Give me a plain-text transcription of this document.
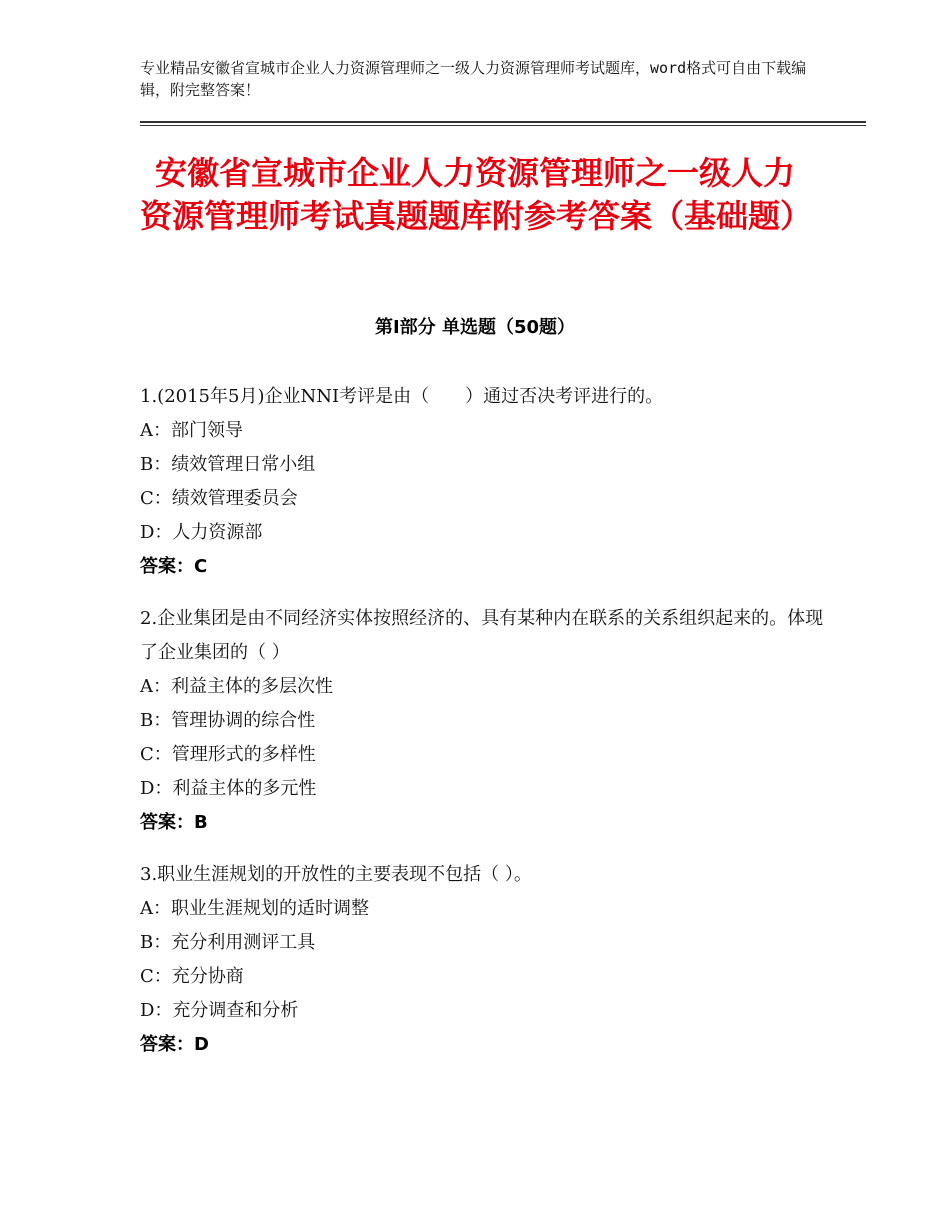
专业精品安徽省宣城市企业人力资源管理师之一级人力资源管理师考试题库，word格式可自由下载编辑，附完整答案！
安徽省宣城市企业人力资源管理师之一级人力资源管理师考试真题题库附参考答案（基础题）
第Ⅰ部分 单选题（50题）
1.(2015年5月)企业NNI考评是由（　　）通过否决考评进行的。
A：部门领导
B：绩效管理日常小组
C：绩效管理委员会
D：人力资源部
答案：C
2.企业集团是由不同经济实体按照经济的、具有某种内在联系的关系组织起来的。体现了企业集团的（ ）
A：利益主体的多层次性
B：管理协调的综合性
C：管理形式的多样性
D：利益主体的多元性
答案：B
3.职业生涯规划的开放性的主要表现不包括（ ）。
A：职业生涯规划的适时调整
B：充分利用测评工具
C：充分协商
D：充分调查和分析
答案：D
